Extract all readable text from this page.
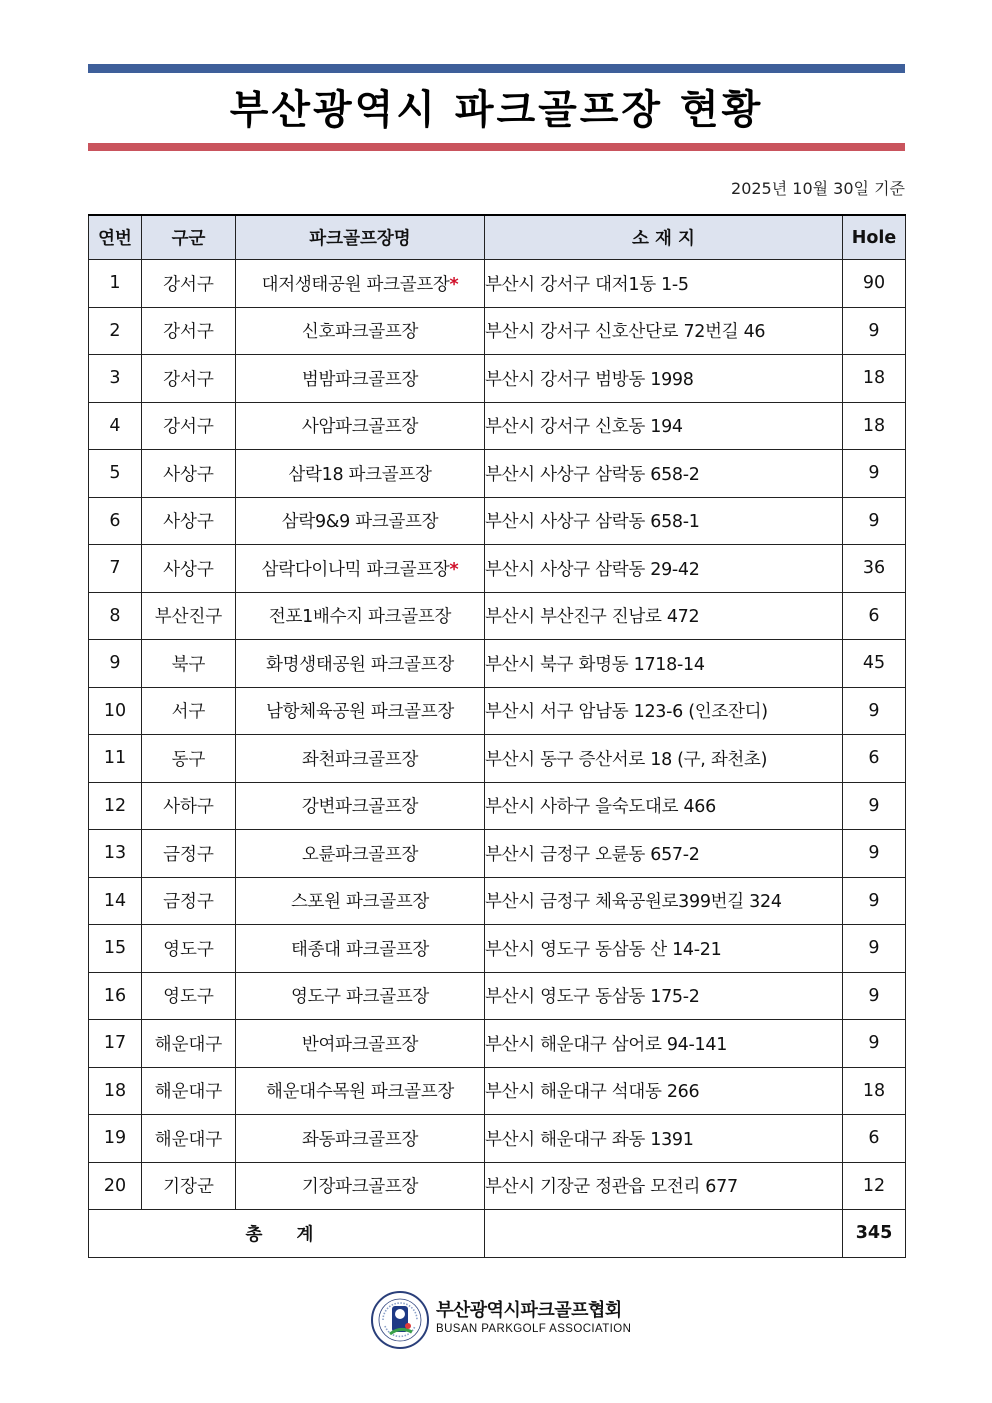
부산광역시 파크골프장 현황
2025년 10월 30일 기준
연번	구군	파크골프장명	소 재 지	Hole
1	강서구	대저생태공원 파크골프장*	부산시 강서구 대저1동 1-5	90
2	강서구	신호파크골프장	부산시 강서구 신호산단로 72번길 46	9
3	강서구	범밤파크골프장	부산시 강서구 범방동 1998	18
4	강서구	사암파크골프장	부산시 강서구 신호동 194	18
5	사상구	삼락18 파크골프장	부산시 사상구 삼락동 658-2	9
6	사상구	삼락9&9 파크골프장	부산시 사상구 삼락동 658-1	9
7	사상구	삼락다이나믹 파크골프장*	부산시 사상구 삼락동 29-42	36
8	부산진구	전포1배수지 파크골프장	부산시 부산진구 진남로 472	6
9	북구	화명생태공원 파크골프장	부산시 북구 화명동 1718-14	45
10	서구	남항체육공원 파크골프장	부산시 서구 암남동 123-6 (인조잔디)	9
11	동구	좌천파크골프장	부산시 동구 증산서로 18 (구, 좌천초)	6
12	사하구	강변파크골프장	부산시 사하구 을숙도대로 466	9
13	금정구	오륜파크골프장	부산시 금정구 오륜동 657-2	9
14	금정구	스포원 파크골프장	부산시 금정구 체육공원로399번길 324	9
15	영도구	태종대 파크골프장	부산시 영도구 동삼동 산 14-21	9
16	영도구	영도구 파크골프장	부산시 영도구 동삼동 175-2	9
17	해운대구	반여파크골프장	부산시 해운대구 삼어로 94-141	9
18	해운대구	해운대수목원 파크골프장	부산시 해운대구 석대동 266	18
19	해운대구	좌동파크골프장	부산시 해운대구 좌동 1391	6
20	기장군	기장파크골프장	부산시 기장군 정관읍 모전리 677	12
총 계				345
부산광역시파크골프협회
BUSAN PARKGOLF ASSOCIATION
